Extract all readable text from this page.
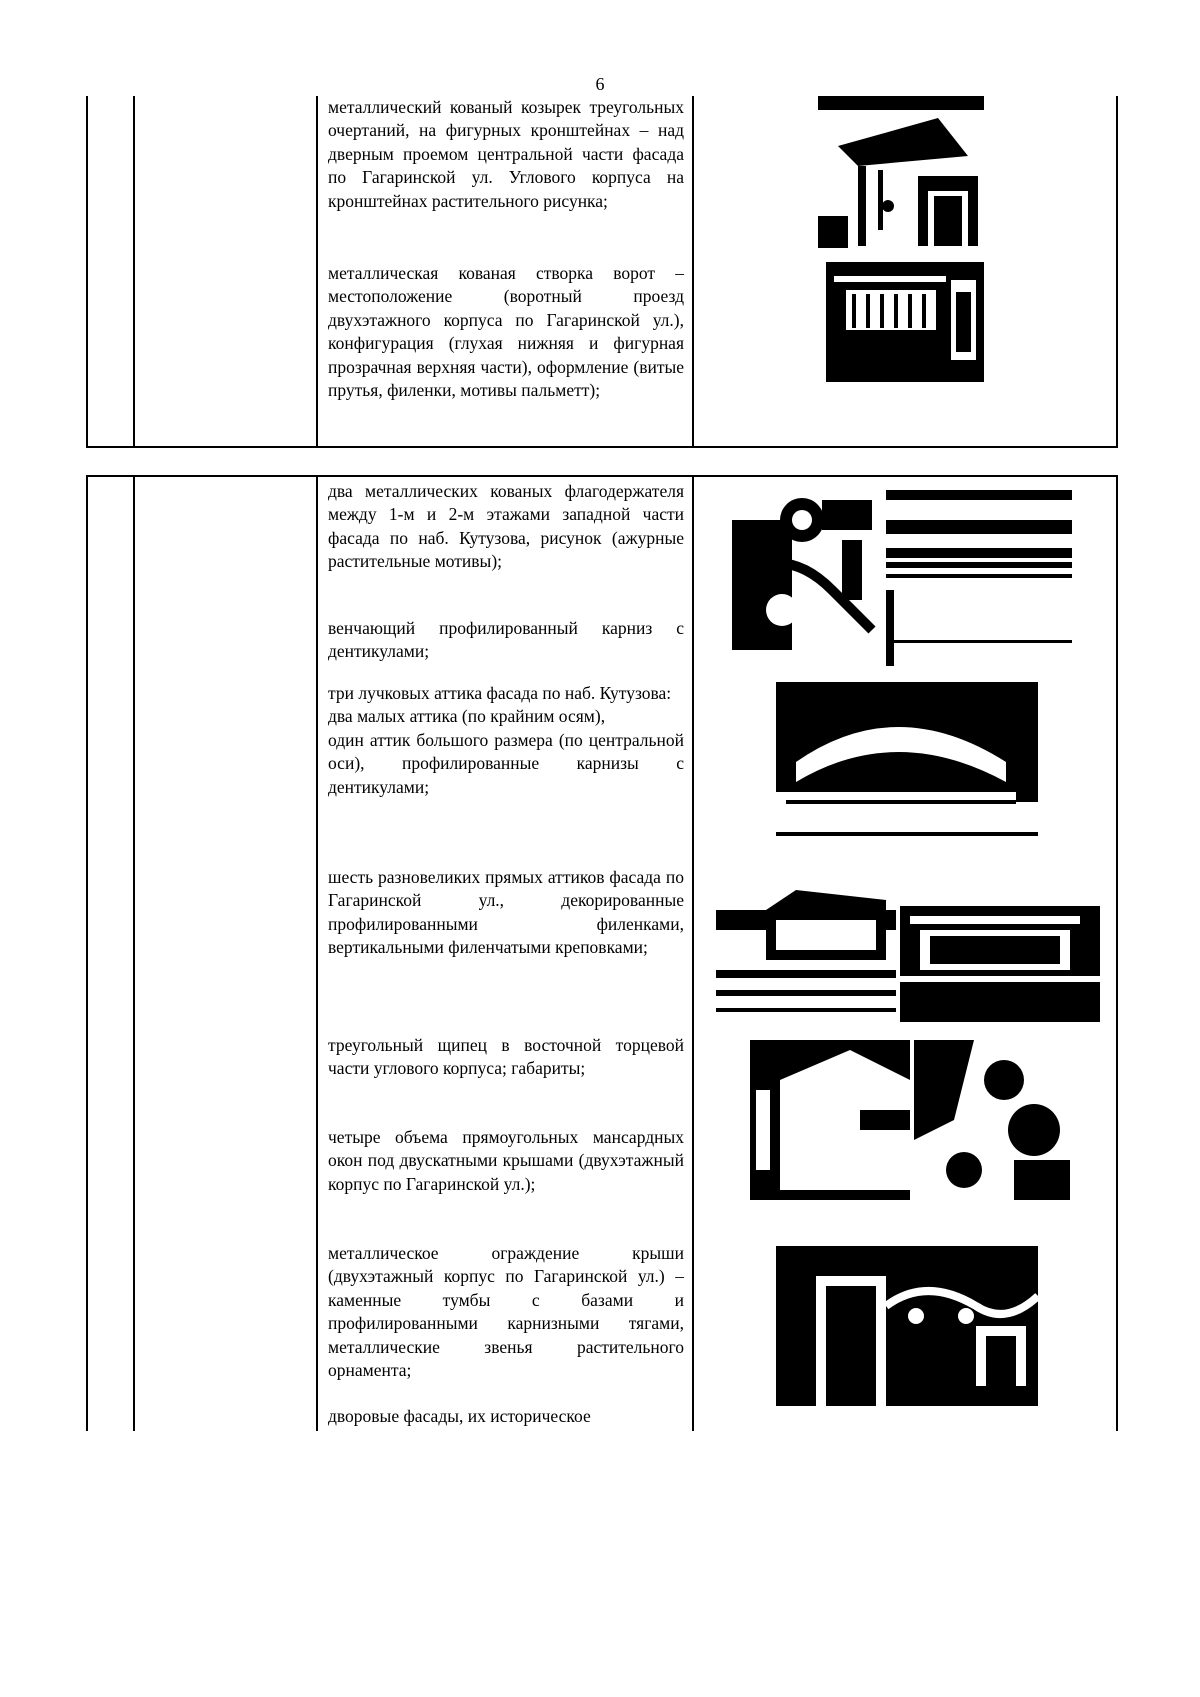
6
металлический кованый козырек треугольных очертаний, на фигурных кронштейнах – над дверным проемом центральной части фасада по Гагаринской ул. Углового корпуса на кронштейнах растительного рисунка;
металлическая кованая створка ворот – местоположение (воротный проезд двухэтажного корпуса по Гагаринской ул.), конфигурация (глухая нижняя и фигурная прозрачная верхняя части), оформление (витые прутья, филенки, мотивы пальметт);
два металлических кованых флагодержателя между 1-м и 2-м этажами западной части фасада по наб. Кутузова, рисунок (ажурные растительные мотивы);
венчающий профилированный карниз с дентикулами;
три лучковых аттика фасада по наб. Кутузова:
два малых аттика (по крайним осям),
один аттик большого размера (по центральной оси), профилированные карнизы с дентикулами;
шесть разновеликих прямых аттиков фасада по Гагаринской ул., декорированные профилированными филенками, вертикальными филенчатыми креповками;
треугольный щипец в восточной торцевой части углового корпуса; габариты;
четыре объема прямоугольных мансардных окон под двускатными крышами (двухэтажный корпус по Гагаринской ул.);
металлическое ограждение крыши (двухэтажный корпус по Гагаринской ул.) – каменные тумбы с базами и профилированными карнизными тягами, металлические звенья растительного орнамента;
дворовые фасады, их историческое
